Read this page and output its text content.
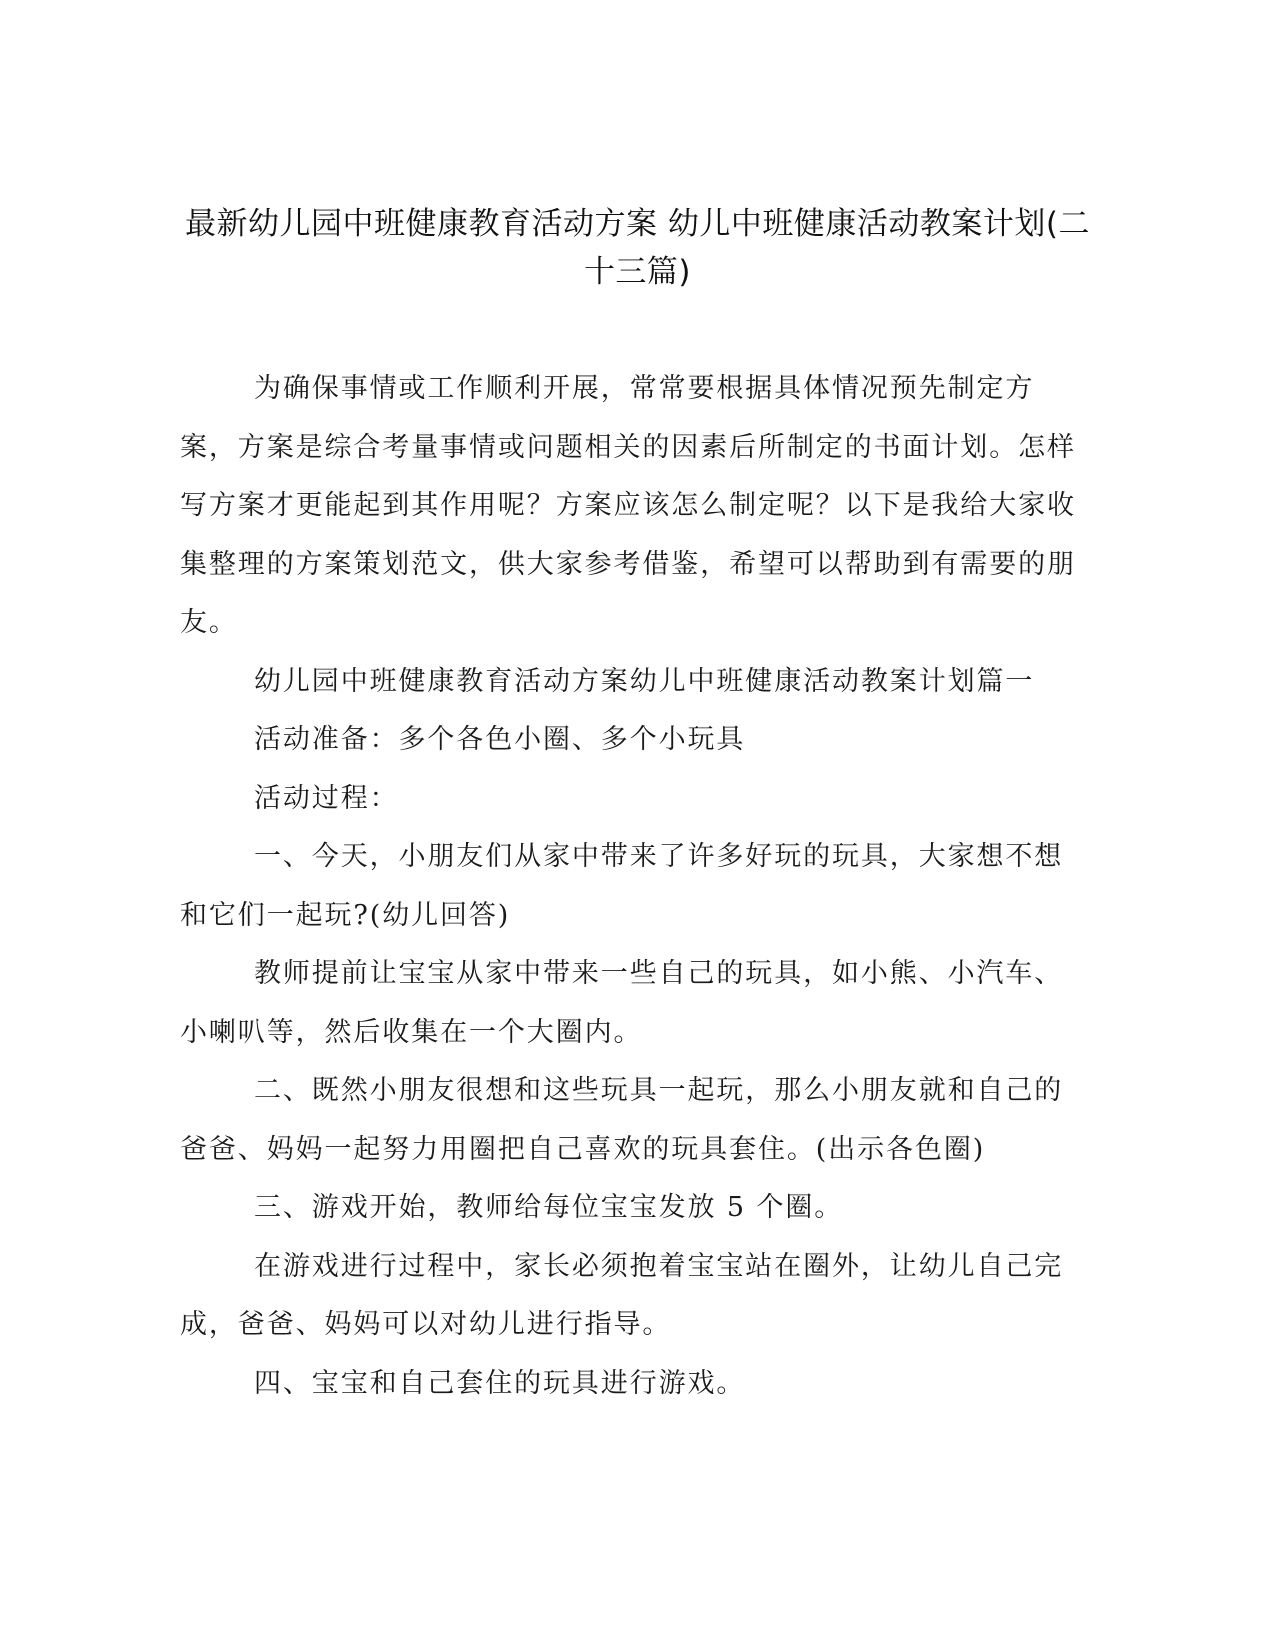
最新幼儿园中班健康教育活动方案 幼儿中班健康活动教案计划(二十三篇)

为确保事情或工作顺利开展，常常要根据具体情况预先制定方案，方案是综合考量事情或问题相关的因素后所制定的书面计划。怎样写方案才更能起到其作用呢？方案应该怎么制定呢？以下是我给大家收集整理的方案策划范文，供大家参考借鉴，希望可以帮助到有需要的朋友。

幼儿园中班健康教育活动方案幼儿中班健康活动教案计划篇一

活动准备：多个各色小圈、多个小玩具

活动过程：

一、今天，小朋友们从家中带来了许多好玩的玩具，大家想不想和它们一起玩?(幼儿回答)

教师提前让宝宝从家中带来一些自己的玩具，如小熊、小汽车、小喇叭等，然后收集在一个大圈内。

二、既然小朋友很想和这些玩具一起玩，那么小朋友就和自己的爸爸、妈妈一起努力用圈把自己喜欢的玩具套住。(出示各色圈)

三、游戏开始，教师给每位宝宝发放 5 个圈。

在游戏进行过程中，家长必须抱着宝宝站在圈外，让幼儿自己完成，爸爸、妈妈可以对幼儿进行指导。

四、宝宝和自己套住的玩具进行游戏。
